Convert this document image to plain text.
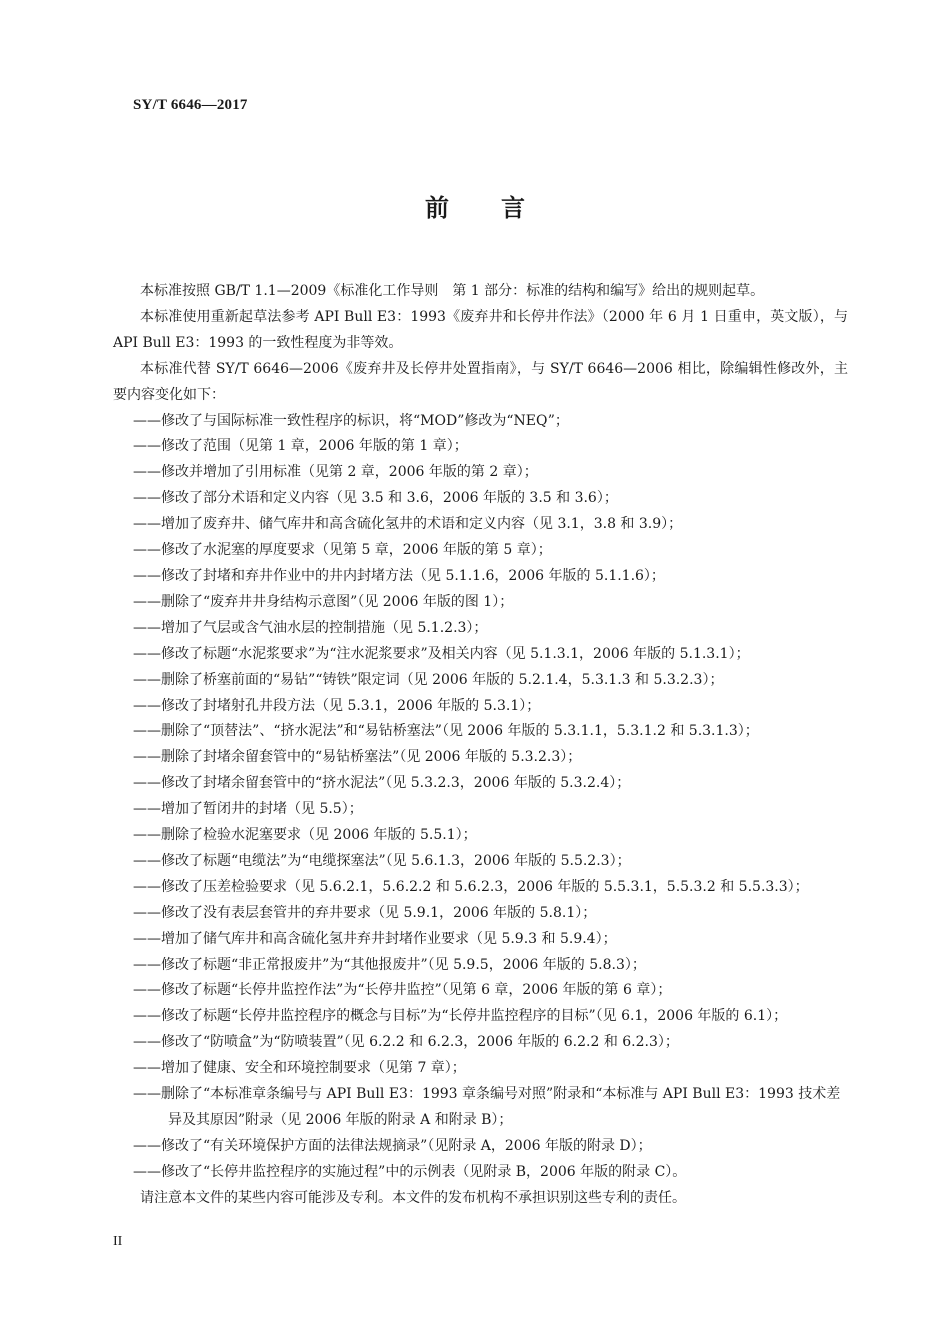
SY/T 6646—2017
前言

本标准按照 GB/T 1.1—2009《标准化工作导则　第 1 部分：标准的结构和编写》给出的规则起草。

本标准使用重新起草法参考 API Bull E3：1993《废弃井和长停井作法》（2000 年 6 月 1 日重申，英文版），与 API Bull E3：1993 的一致性程度为非等效。

本标准代替 SY/T 6646—2006《废弃井及长停井处置指南》，与 SY/T 6646—2006 相比，除编辑性修改外，主要内容变化如下：

——修改了与国际标准一致性程序的标识，将“MOD”修改为“NEQ”；

——修改了范围（见第 1 章，2006 年版的第 1 章）；

——修改并增加了引用标准（见第 2 章，2006 年版的第 2 章）；

——修改了部分术语和定义内容（见 3.5 和 3.6，2006 年版的 3.5 和 3.6）；

——增加了废弃井、储气库井和高含硫化氢井的术语和定义内容（见 3.1，3.8 和 3.9）；

——修改了水泥塞的厚度要求（见第 5 章，2006 年版的第 5 章）；

——修改了封堵和弃井作业中的井内封堵方法（见 5.1.1.6，2006 年版的 5.1.1.6）；

——删除了“废弃井井身结构示意图”（见 2006 年版的图 1）；

——增加了气层或含气油水层的控制措施（见 5.1.2.3）；

——修改了标题“水泥浆要求”为“注水泥浆要求”及相关内容（见 5.1.3.1，2006 年版的 5.1.3.1）；

——删除了桥塞前面的“易钻”“铸铁”限定词（见 2006 年版的 5.2.1.4，5.3.1.3 和 5.3.2.3）；

——修改了封堵射孔井段方法（见 5.3.1，2006 年版的 5.3.1）；

——删除了“顶替法”、“挤水泥法”和“易钻桥塞法”（见 2006 年版的 5.3.1.1，5.3.1.2 和 5.3.1.3）；

——删除了封堵余留套管中的“易钻桥塞法”（见 2006 年版的 5.3.2.3）；

——修改了封堵余留套管中的“挤水泥法”（见 5.3.2.3，2006 年版的 5.3.2.4）；

——增加了暂闭井的封堵（见 5.5）；

——删除了检验水泥塞要求（见 2006 年版的 5.5.1）；

——修改了标题“电缆法”为“电缆探塞法”（见 5.6.1.3，2006 年版的 5.5.2.3）；

——修改了压差检验要求（见 5.6.2.1，5.6.2.2 和 5.6.2.3，2006 年版的 5.5.3.1，5.5.3.2 和 5.5.3.3）；

——修改了没有表层套管井的弃井要求（见 5.9.1，2006 年版的 5.8.1）；

——增加了储气库井和高含硫化氢井弃井封堵作业要求（见 5.9.3 和 5.9.4）；

——修改了标题“非正常报废井”为“其他报废井”（见 5.9.5，2006 年版的 5.8.3）；

——修改了标题“长停井监控作法”为“长停井监控”（见第 6 章，2006 年版的第 6 章）；

——修改了标题“长停井监控程序的概念与目标”为“长停井监控程序的目标”（见 6.1，2006 年版的 6.1）；

——修改了“防喷盒”为“防喷装置”（见 6.2.2 和 6.2.3，2006 年版的 6.2.2 和 6.2.3）；

——增加了健康、安全和环境控制要求（见第 7 章）；

——删除了“本标准章条编号与 API Bull E3：1993 章条编号对照”附录和“本标准与 API Bull E3：1993 技术差异及其原因”附录（见 2006 年版的附录 A 和附录 B）；

——修改了“有关环境保护方面的法律法规摘录”（见附录 A，2006 年版的附录 D）；

——修改了“长停井监控程序的实施过程”中的示例表（见附录 B，2006 年版的附录 C）。

请注意本文件的某些内容可能涉及专利。本文件的发布机构不承担识别这些专利的责任。

II
